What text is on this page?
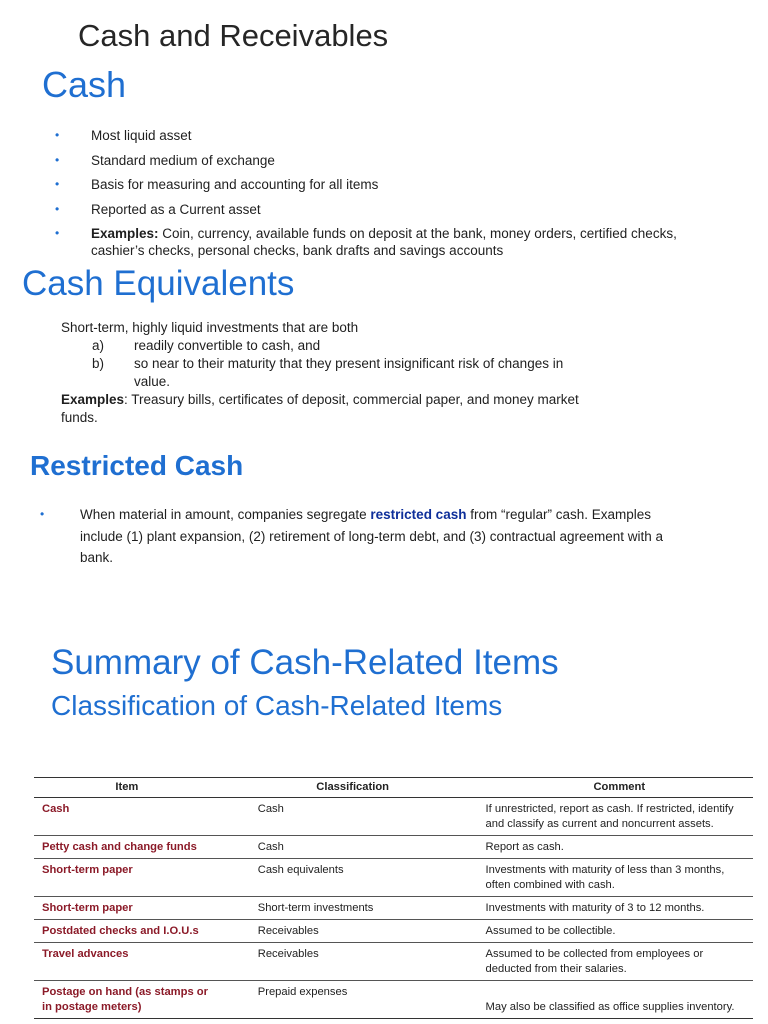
Cash and Receivables
Cash
•	Most liquid asset
•	Standard medium of exchange
•	Basis for measuring and accounting for all items
•	Reported as a Current asset
•	Examples: Coin, currency, available funds on deposit at the bank, money orders, certified checks, cashier’s checks, personal checks, bank drafts and savings accounts
Cash Equivalents
Short-term, highly liquid investments that are both
a)	readily convertible to cash, and
b)	so near to their maturity that they present insignificant risk of changes in value.
Examples: Treasury bills, certificates of deposit, commercial paper, and money market funds.
Restricted Cash
•	When material in amount, companies segregate restricted cash from “regular” cash. Examples include (1) plant expansion, (2) retirement of long-term debt, and (3) contractual agreement with a bank.
Summary of Cash-Related Items
Classification of Cash-Related Items
Item	Classification	Comment
Cash	Cash	If unrestricted, report as cash. If restricted, identify and classify as current and noncurrent assets.
Petty cash and change funds	Cash	Report as cash.
Short-term paper	Cash equivalents	Investments with maturity of less than 3 months, often combined with cash.
Short-term paper	Short-term investments	Investments with maturity of 3 to 12 months.
Postdated checks and I.O.U.s	Receivables	Assumed to be collectible.
Travel advances	Receivables	Assumed to be collected from employees or deducted from their salaries.
Postage on hand (as stamps or in postage meters)	Prepaid expenses	May also be classified as office supplies inventory.
